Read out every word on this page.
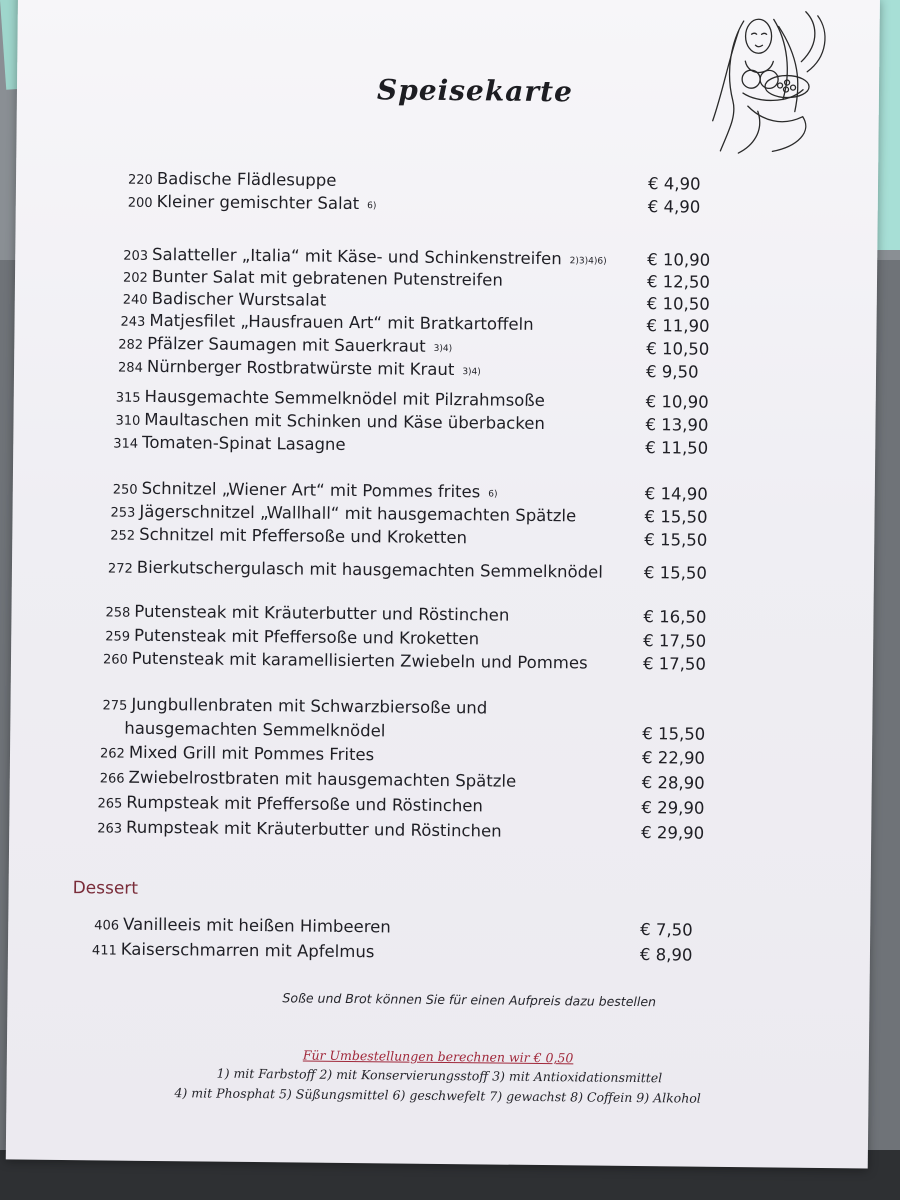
Speisekarte
220 Badische Flädlesuppe	€ 4,90
200 Kleiner gemischter Salat 6)	€ 4,90
203 Salatteller „Italia“ mit Käse- und Schinkenstreifen 2)3)4)6) € 10,90
202 Bunter Salat mit gebratenen Putenstreifen	€ 12,50
240 Badischer Wurstsalat	€ 10,50
243 Matjesfilet „Hausfrauen Art“ mit Bratkartoffeln	€ 11,90
282 Pfälzer Saumagen mit Sauerkraut 3)4)	€ 10,50
284 Nürnberger Rostbratwürste mit Kraut 3)4)	€ 9,50
315 Hausgemachte Semmelknödel mit Pilzrahmsoße	€ 10,90
310 Maultaschen mit Schinken und Käse überbacken	€ 13,90
314 Tomaten-Spinat Lasagne	€ 11,50
250 Schnitzel „Wiener Art“ mit Pommes frites 6)	€ 14,90
253 Jägerschnitzel „Wallhall“ mit hausgemachten Spätzle	€ 15,50
252 Schnitzel mit Pfeffersoße und Kroketten	€ 15,50
272 Bierkutschergulasch mit hausgemachten Semmelknödel € 15,50
258 Putensteak mit Kräuterbutter und Röstinchen	€ 16,50
259 Putensteak mit Pfeffersoße und Kroketten	€ 17,50
260 Putensteak mit karamellisierten Zwiebeln und Pommes	€ 17,50
275 Jungbullenbraten mit Schwarzbiersoße und
hausgemachten Semmelknödel	€ 15,50
262 Mixed Grill mit Pommes Frites	€ 22,90
266 Zwiebelrostbraten mit hausgemachten Spätzle	€ 28,90
265 Rumpsteak mit Pfeffersoße und Röstinchen	€ 29,90
263 Rumpsteak mit Kräuterbutter und Röstinchen	€ 29,90
Dessert
406 Vanilleeis mit heißen Himbeeren	€ 7,50
411 Kaiserschmarren mit Apfelmus	€ 8,90
Soße und Brot können Sie für einen Aufpreis dazu bestellen
Für Umbestellungen berechnen wir € 0,50
1) mit Farbstoff 2) mit Konservierungsstoff 3) mit Antioxidationsmittel
4) mit Phosphat 5) Süßungsmittel 6) geschwefelt 7) gewachst 8) Coffein 9) Alkohol
